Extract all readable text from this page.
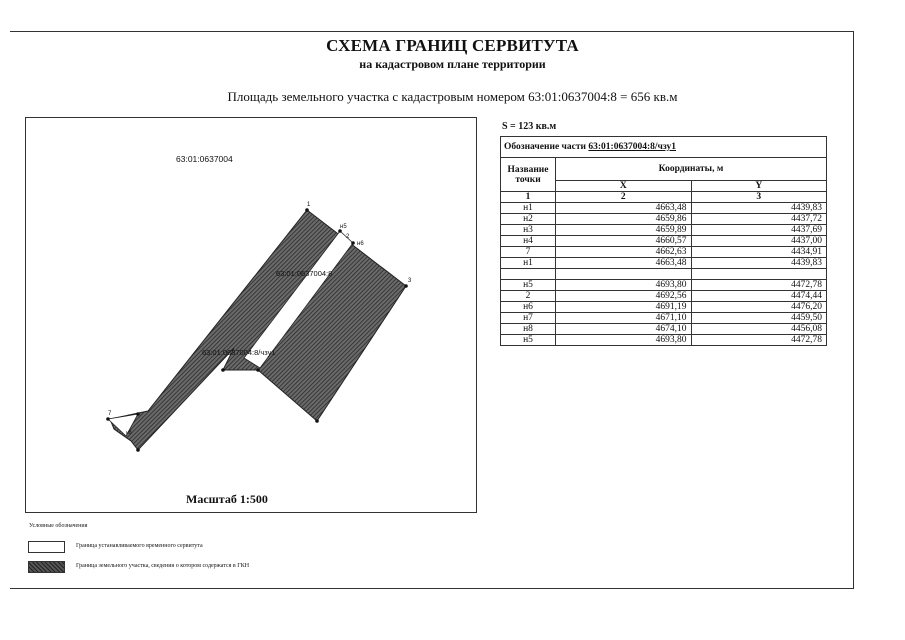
СХЕМА ГРАНИЦ СЕРВИТУТА
на кадастровом плане территории
Площадь земельного участка с кадастровым номером 63:01:0637004:8 = 656 кв.м
63:01:0637004
63:01:0637004:8
63:01:0637004:8/чзу1
1
н5
2
н6
3
7
н8
Масштаб 1:500
S = 123 кв.м
Обозначение части 63:01:0637004:8/чзу1		
Название точки	Координаты, м	
	X	Y
1	2	3
н1	4663,48	4439,83
н2	4659,86	4437,72
н3	4659,89	4437,69
н4	4660,57	4437,00
7	4662,63	4434,91
н1	4663,48	4439,83

н5	4693,80	4472,78
2	4692,56	4474,44
н6	4691,19	4476,20
н7	4671,10	4459,50
н8	4674,10	4456,08
н5	4693,80	4472,78
Условные обозначения
Граница устанавливаемого временного сервитута
Граница земельного участка, сведения о котором содержатся в ГКН
